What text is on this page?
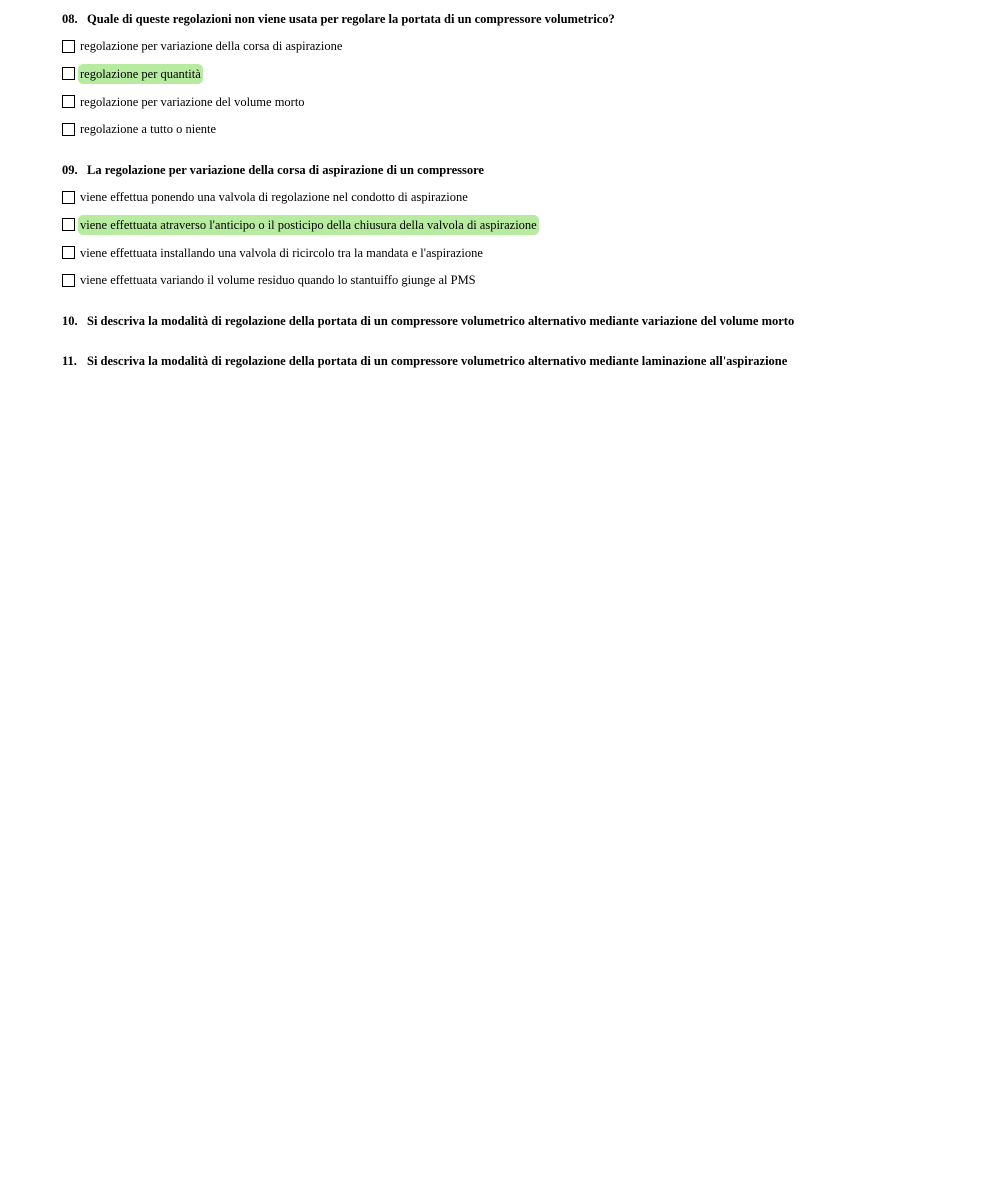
08. Quale di queste regolazioni non viene usata per regolare la portata di un compressore volumetrico?
regolazione per variazione della corsa di aspirazione
regolazione per quantità
regolazione per variazione del volume morto
regolazione a tutto o niente
09. La regolazione per variazione della corsa di aspirazione di un compressore
viene effettua ponendo una valvola di regolazione nel condotto di aspirazione
viene effettuata atraverso l'anticipo o il posticipo della chiusura della valvola di aspirazione
viene effettuata installando una valvola di ricircolo tra la mandata e l'aspirazione
viene effettuata variando il volume residuo quando lo stantuiffo giunge al PMS
10. Si descriva la modalità di regolazione della portata di un compressore volumetrico alternativo mediante variazione del volume morto
11. Si descriva la modalità di regolazione della portata di un compressore volumetrico alternativo mediante laminazione all'aspirazione
